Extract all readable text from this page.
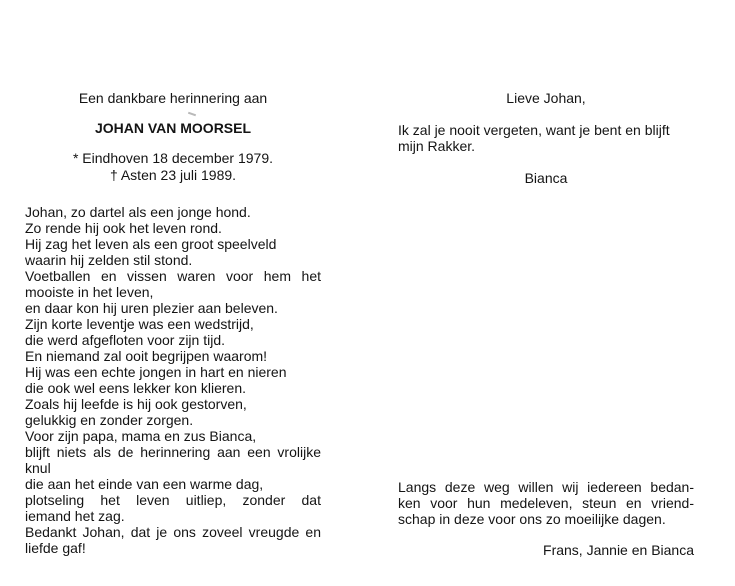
Een dankbare herinnering aan
JOHAN VAN MOORSEL
* Eindhoven 18 december 1979.
† Asten 23 juli 1989.
Johan, zo dartel als een jonge hond.
Zo rende hij ook het leven rond.
Hij zag het leven als een groot speelveld
waarin hij zelden stil stond.
Voetballen en vissen waren voor hem het
mooiste in het leven,
en daar kon hij uren plezier aan beleven.
Zijn korte leventje was een wedstrijd,
die werd afgefloten voor zijn tijd.
En niemand zal ooit begrijpen waarom!
Hij was een echte jongen in hart en nieren
die ook wel eens lekker kon klieren.
Zoals hij leefde is hij ook gestorven,
gelukkig en zonder zorgen.
Voor zijn papa, mama en zus Bianca,
blijft niets als de herinnering aan een vrolijke
knul
die aan het einde van een warme dag,
plotseling het leven uitliep, zonder dat
iemand het zag.
Bedankt Johan, dat je ons zoveel vreugde en
liefde gaf!
Lieve Johan,
Ik zal je nooit vergeten, want je bent en blijft
mijn Rakker.
Bianca
Langs deze weg willen wij iedereen bedan-
ken voor hun medeleven, steun en vriend-
schap in deze voor ons zo moeilijke dagen.
Frans, Jannie en Bianca
